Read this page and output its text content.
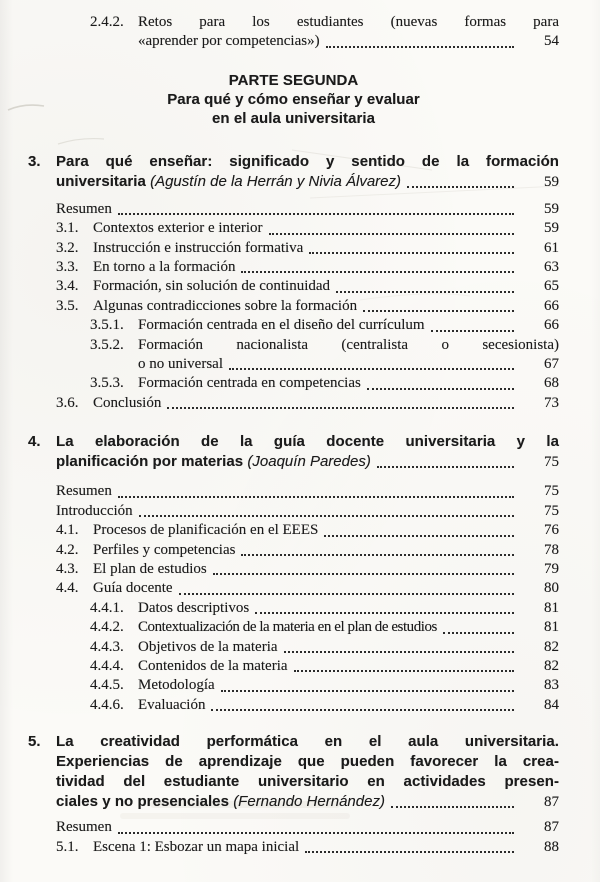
2.4.2. Retos para los estudiantes (nuevas formas para
«aprender por competencias»)	54
PARTE SEGUNDA
Para qué y cómo enseñar y evaluar
en el aula universitaria
3.	Para qué enseñar: significado y sentido de la formación
universitaria (Agustín de la Herrán y Nivia Álvarez)	59
Resumen	59
3.1. Contextos exterior e interior	59
3.2. Instrucción e instrucción formativa	61
3.3. En torno a la formación	63
3.4. Formación, sin solución de continuidad	65
3.5. Algunas contradicciones sobre la formación	66
3.5.1. Formación centrada en el diseño del currículum	66
3.5.2. Formación nacionalista (centralista o secesionista)
o no universal	67
3.5.3. Formación centrada en competencias	68
3.6. Conclusión	73
4.	La elaboración de la guía docente universitaria y la
planificación por materias (Joaquín Paredes)	75
Resumen	75
Introducción	75
4.1. Procesos de planificación en el EEES	76
4.2. Perfiles y competencias	78
4.3. El plan de estudios	79
4.4. Guía docente	80
4.4.1. Datos descriptivos	81
4.4.2. Contextualización de la materia en el plan de estudios	81
4.4.3. Objetivos de la materia	82
4.4.4. Contenidos de la materia	82
4.4.5. Metodología	83
4.4.6. Evaluación	84
5.	La creatividad performática en el aula universitaria.
Experiencias de aprendizaje que pueden favorecer la crea-
tividad del estudiante universitario en actividades presen-
ciales y no presenciales (Fernando Hernández)	87
Resumen	87
5.1. Escena 1: Esbozar un mapa inicial	88
